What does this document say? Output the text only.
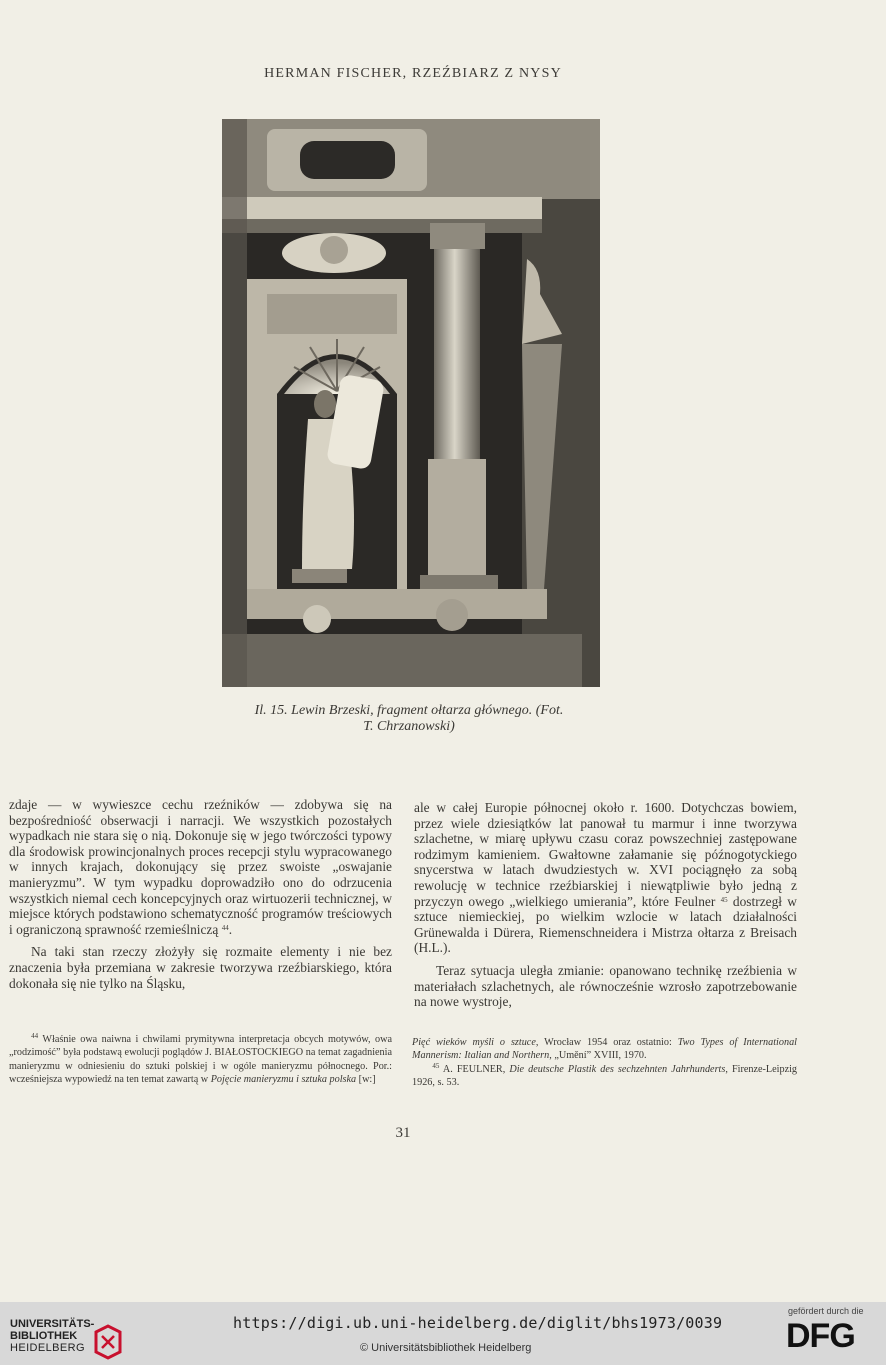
HERMAN FISCHER, RZEŹBIARZ Z NYSY
Il. 15. Lewin Brzeski, fragment ołtarza głównego. (Fot.
T. Chrzanowski)

zdaje — w wywieszce cechu rzeźników — zdobywa się na bezpośredniość obserwacji i narracji. We wszystkich pozostałych wypadkach nie stara się o nią. Dokonuje się w jego twórczości typowy dla środowisk prowincjonalnych proces recepcji stylu wypracowanego w innych krajach, dokonujący się przez swoiste „oswajanie manieryzmu”. W tym wypadku doprowadziło ono do odrzucenia wszystkich niemal cech koncepcyjnych oraz wirtuozerii technicznej, w miejsce których podstawiono schematyczność programów treściowych i ograniczoną sprawność rzemieślniczą $^{44}$.

Na taki stan rzeczy złożyły się rozmaite elementy i nie bez znaczenia była przemiana w zakresie tworzywa rzeźbiarskiego, która dokonała się nie tylko na Śląsku,

ale w całej Europie północnej około r. 1600. Dotychczas bowiem, przez wiele dziesiątków lat panował tu marmur i inne tworzywa szlachetne, w miarę upływu czasu coraz powszechniej zastępowane rodzimym kamieniem. Gwałtowne załamanie się późnogotyckiego snycerstwa w latach dwudziestych w. XVI pociągnęło za sobą rewolucję w technice rzeźbiarskiej i niewątpliwie było jedną z przyczyn owego „wielkiego umierania”, które Feulner $^{45}$ dostrzegł w sztuce niemieckiej, po wielkim wzlocie w latach działalności Grünewalda i Dürera, Riemenschneidera i Mistrza ołtarza z Breisach (H.L.).

Teraz sytuacja uległa zmianie: opanowano technikę rzeźbienia w materiałach szlachetnych, ale równocześnie wzrosło zapotrzebowanie na nowe wystroje,

$^{44}$ Właśnie owa naiwna i chwilami prymitywna interpretacja obcych motywów, owa „rodzimość” była podstawą ewolucji poglądów J. BIAŁOSTOCKIEGO na temat zagadnienia manieryzmu w odniesieniu do sztuki polskiej i w ogóle manieryzmu północnego. Por.: wcześniejsza wypowiedź na ten temat zawartą w Pojęcie manieryzmu i sztuka polska [w:]

Pięć wieków myśli o sztuce, Wrocław 1954 oraz ostatnio: Two Types of International Mannerism: Italian and Northern, „Umění” XVIII, 1970.

$^{45}$ A. FEULNER, Die deutsche Plastik des sechzehnten Jahrhunderts, Firenze-Leipzig 1926, s. 53.

31
UNIVERSITÄTS-
BIBLIOTHEK
HEIDELBERG
https://digi.ub.uni-heidelberg.de/diglit/bhs1973/0039
© Universitätsbibliothek Heidelberg
gefördert durch die
DFG
